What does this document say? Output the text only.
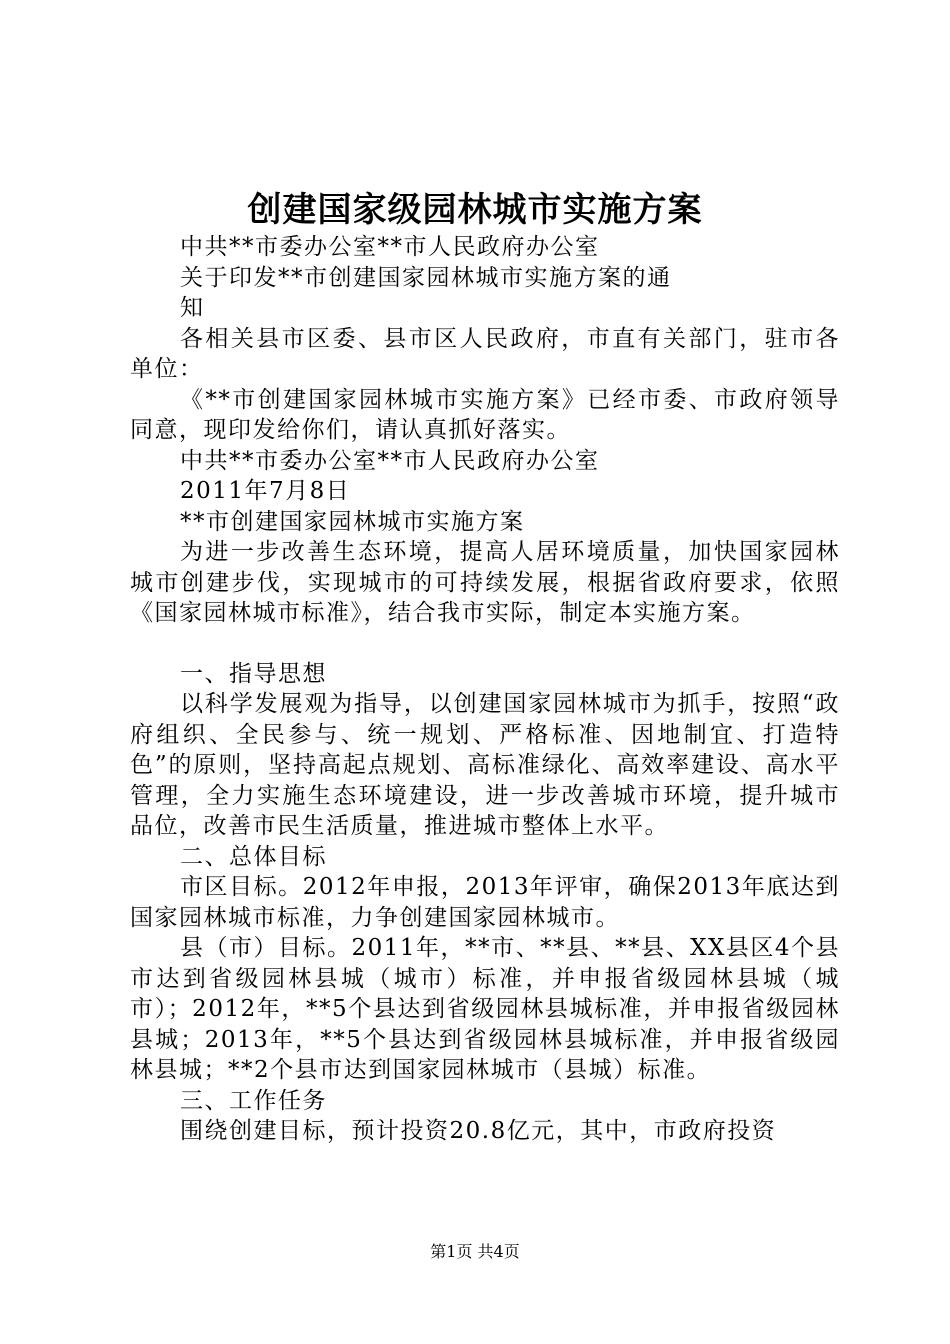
创建国家级园林城市实施方案

中共**市委办公室**市人民政府办公室

关于印发**市创建国家园林城市实施方案的通

知

各相关县市区委、县市区人民政府，市直有关部门，驻市各单位：

《**市创建国家园林城市实施方案》已经市委、市政府领导同意，现印发给你们，请认真抓好落实。

中共**市委办公室**市人民政府办公室

2011年7月8日

**市创建国家园林城市实施方案

为进一步改善生态环境，提高人居环境质量，加快国家园林城市创建步伐，实现城市的可持续发展，根据省政府要求，依照《国家园林城市标准》，结合我市实际，制定本实施方案。

一、指导思想

以科学发展观为指导，以创建国家园林城市为抓手，按照“政府组织、全民参与、统一规划、严格标准、因地制宜、打造特色”的原则，坚持高起点规划、高标准绿化、高效率建设、高水平管理，全力实施生态环境建设，进一步改善城市环境，提升城市品位，改善市民生活质量，推进城市整体上水平。

二、总体目标

市区目标。2012年申报，2013年评审，确保2013年底达到国家园林城市标准，力争创建国家园林城市。

县（市）目标。2011年，**市、**县、**县、XX县区4个县市达到省级园林县城（城市）标准，并申报省级园林县城（城市）；2012年，**5个县达到省级园林县城标准，并申报省级园林县城；2013年，**5个县达到省级园林县城标准，并申报省级园林县城；**2个县市达到国家园林城市（县城）标准。

三、工作任务

围绕创建目标，预计投资20.8亿元，其中，市政府投资

第1页 共4页
